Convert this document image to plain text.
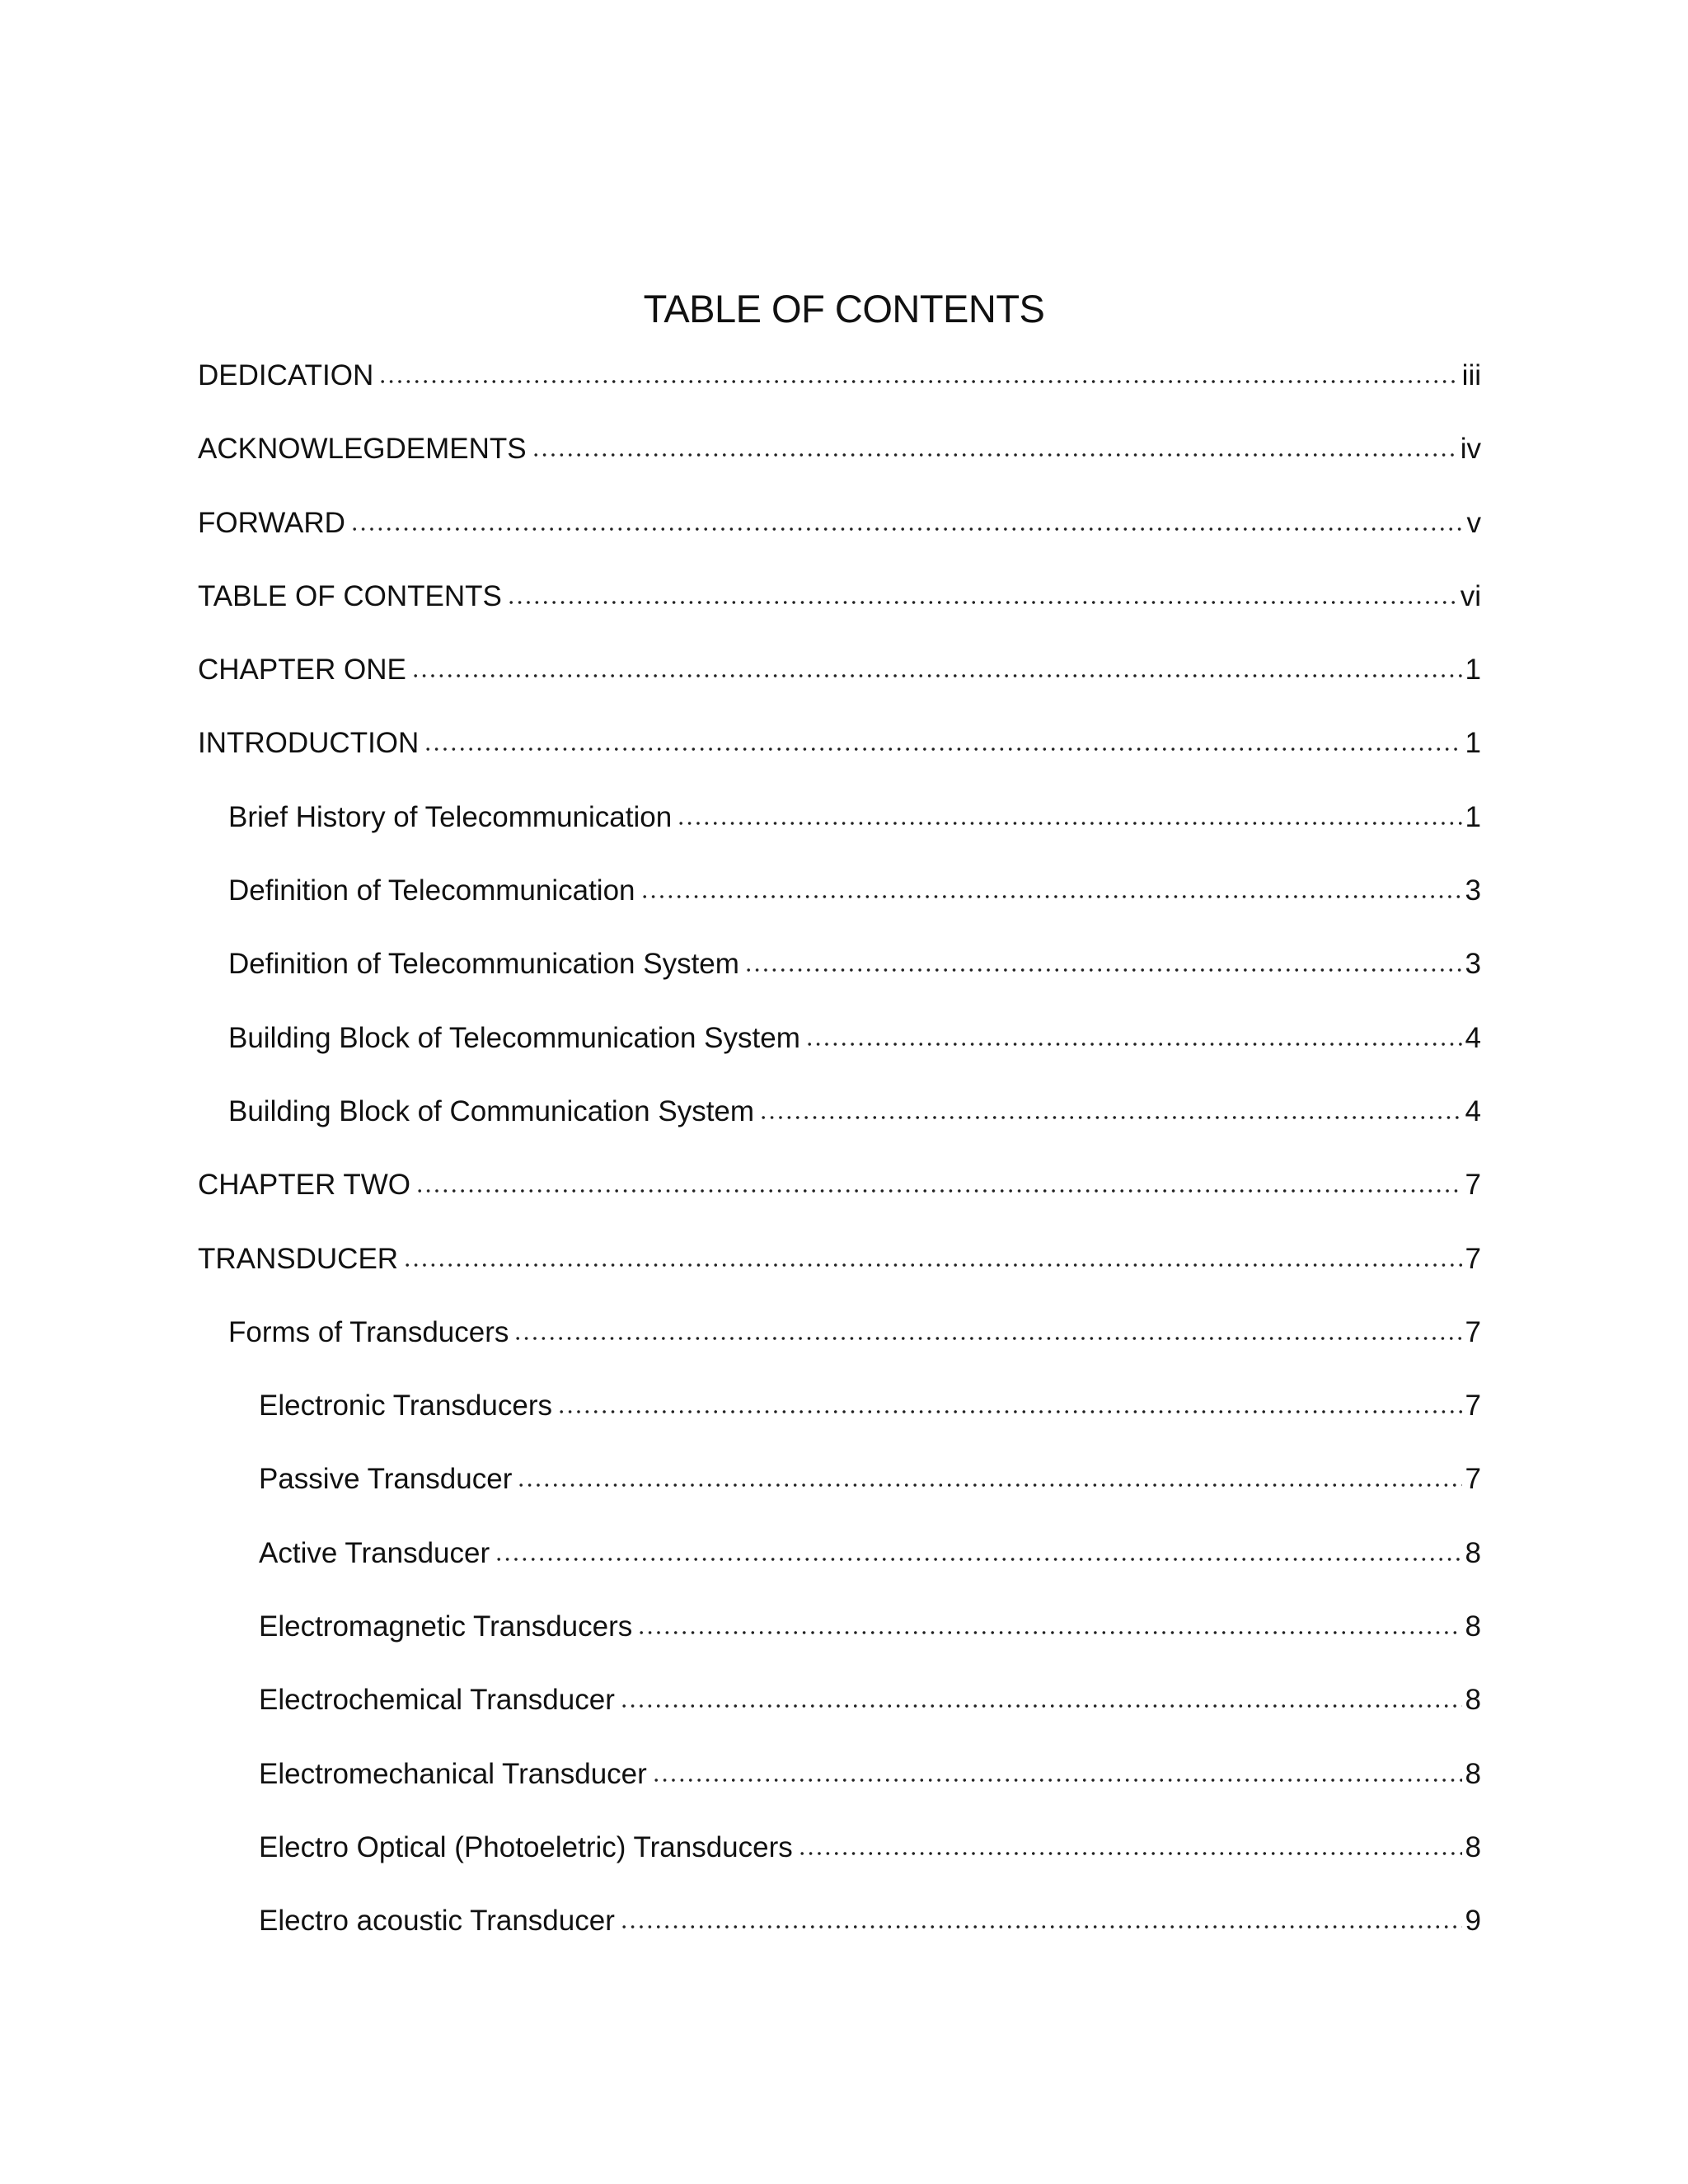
TABLE OF CONTENTS
DEDICATION	iii
ACKNOWLEGDEMENTS	iv
FORWARD	v
TABLE OF CONTENTS	vi
CHAPTER ONE	1
INTRODUCTION	1
Brief History of Telecommunication	1
Definition of Telecommunication	3
Definition of Telecommunication System	3
Building Block of Telecommunication System	4
Building Block of Communication System	4
CHAPTER TWO	7
TRANSDUCER	7
Forms of Transducers	7
Electronic Transducers	7
Passive Transducer	7
Active Transducer	8
Electromagnetic Transducers	8
Electrochemical Transducer	8
Electromechanical Transducer	8
Electro Optical (Photoeletric) Transducers	8
Electro acoustic Transducer	9
